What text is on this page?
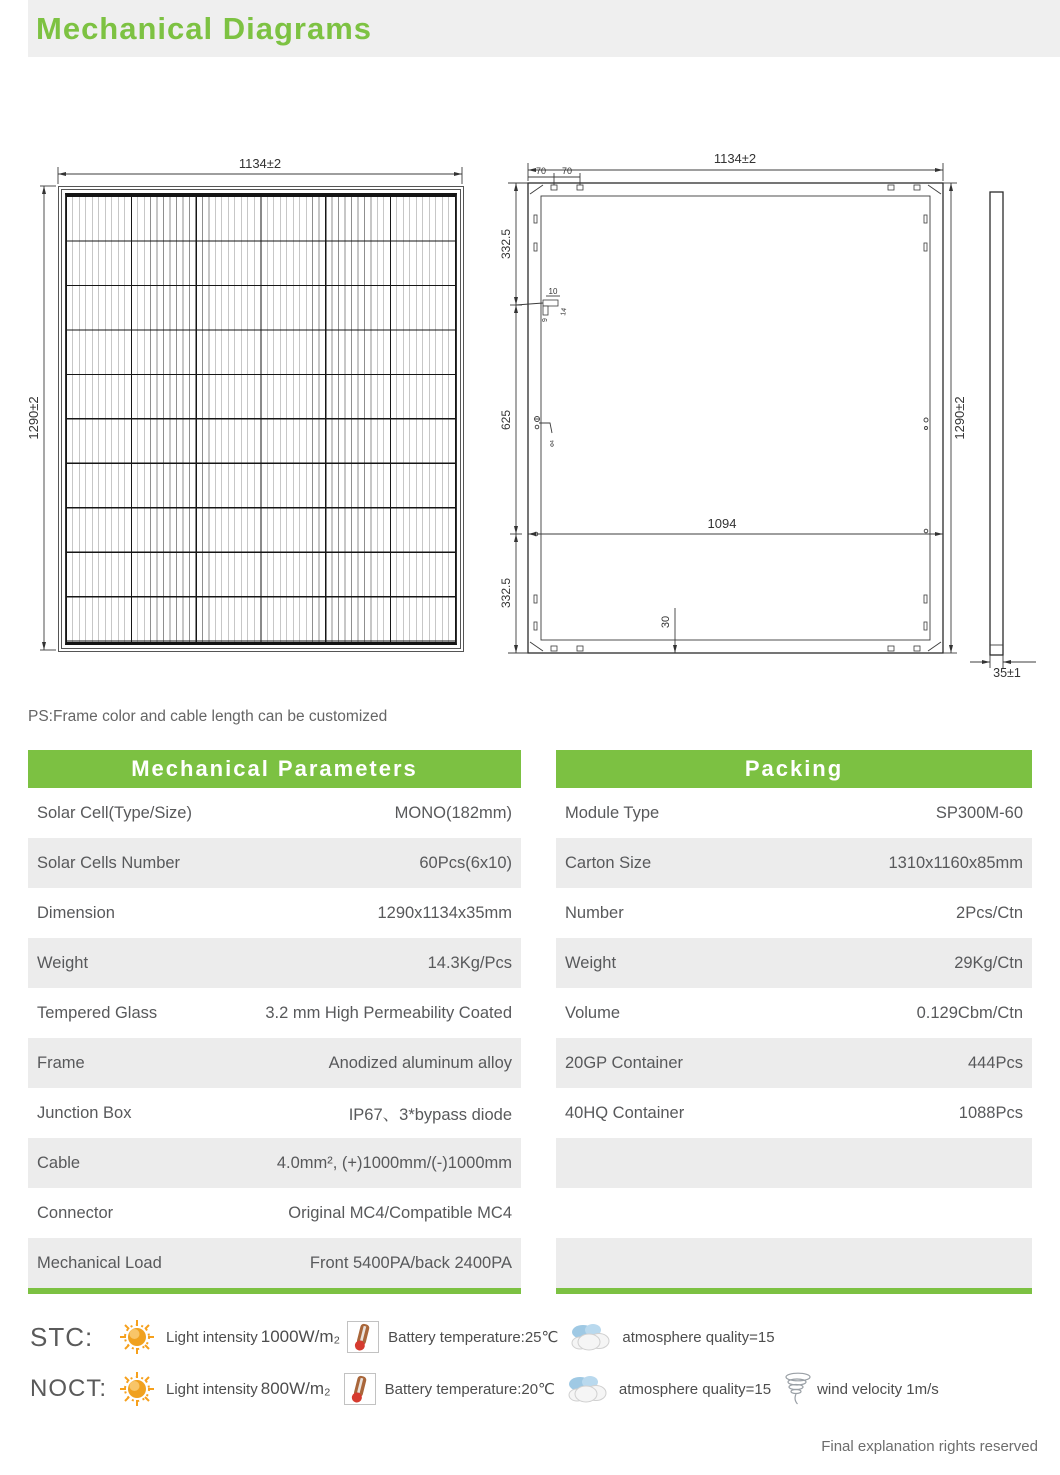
Mechanical Diagrams
1134±2
1290±2
Φ4
1134±2
70 70
332.5
625
332.5
10
9
14
1094
30
1290±2
35±1
PS:Frame color and cable length can be customized
Mechanical Parameters
Solar Cell(Type/Size)	MONO(182mm)
Solar Cells Number	60Pcs(6x10)
Dimension	1290x1134x35mm
Weight	14.3Kg/Pcs
Tempered Glass	3.2 mm High Permeability Coated
Frame	Anodized aluminum alloy
Junction Box	IP67、3*bypass diode
Cable	4.0mm², (+)1000mm/(-)1000mm
Connector	Original MC4/Compatible MC4
Mechanical Load	Front 5400PA/back 2400PA
Packing
Module Type	SP300M-60
Carton Size	1310x1160x85mm
Number	2Pcs/Ctn
Weight	29Kg/Ctn
Volume	0.129Cbm/Ctn
20GP Container	444Pcs
40HQ Container	1088Pcs
STC:	Light intensity 1000W/m₂	Battery temperature:25℃	atmosphere quality=15
NOCT:	Light intensity 800W/m₂	Battery temperature:20℃	atmosphere quality=15	wind velocity 1m/s
Final explanation rights reserved
